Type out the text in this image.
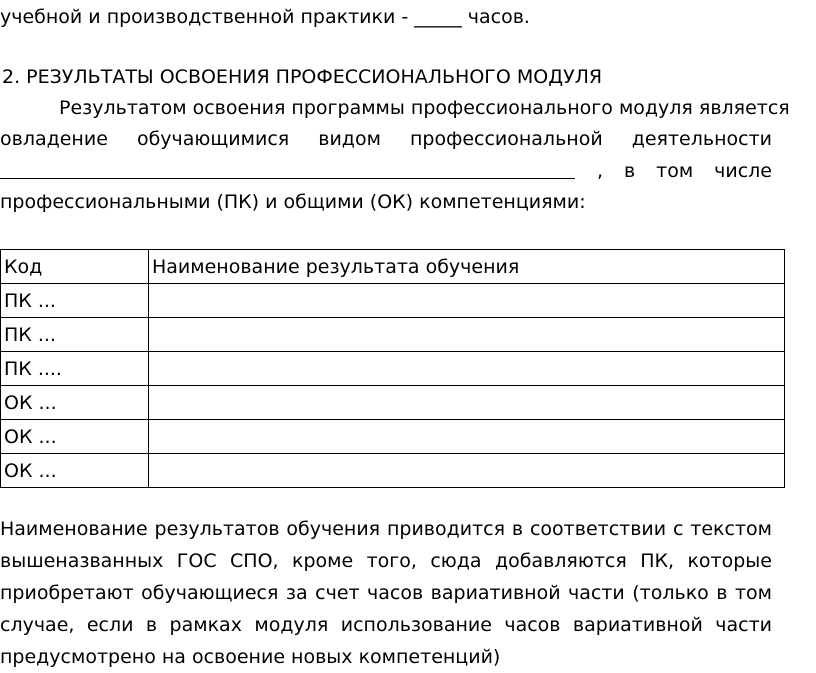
учебной и производственной практики - _____ часов.
2. РЕЗУЛЬТАТЫ ОСВОЕНИЯ ПРОФЕССИОНАЛЬНОГО МОДУЛЯ
Результатом освоения программы профессионального модуля является
овладение обучающимися видом профессиональной деятельности
, в том числе
профессиональными (ПК) и общими (ОК) компетенциями:
Код	Наименование результата обучения
ПК ...	
ПК ...	
ПК ....	
ОК ...	
ОК ...	
ОК ...	
Наименование результатов обучения приводится в соответствии с текстом
вышеназванных ГОС СПО, кроме того, сюда добавляются ПК, которые
приобретают обучающиеся за счет часов вариативной части (только в том
случае, если в рамках модуля использование часов вариативной части
предусмотрено на освоение новых компетенций)
